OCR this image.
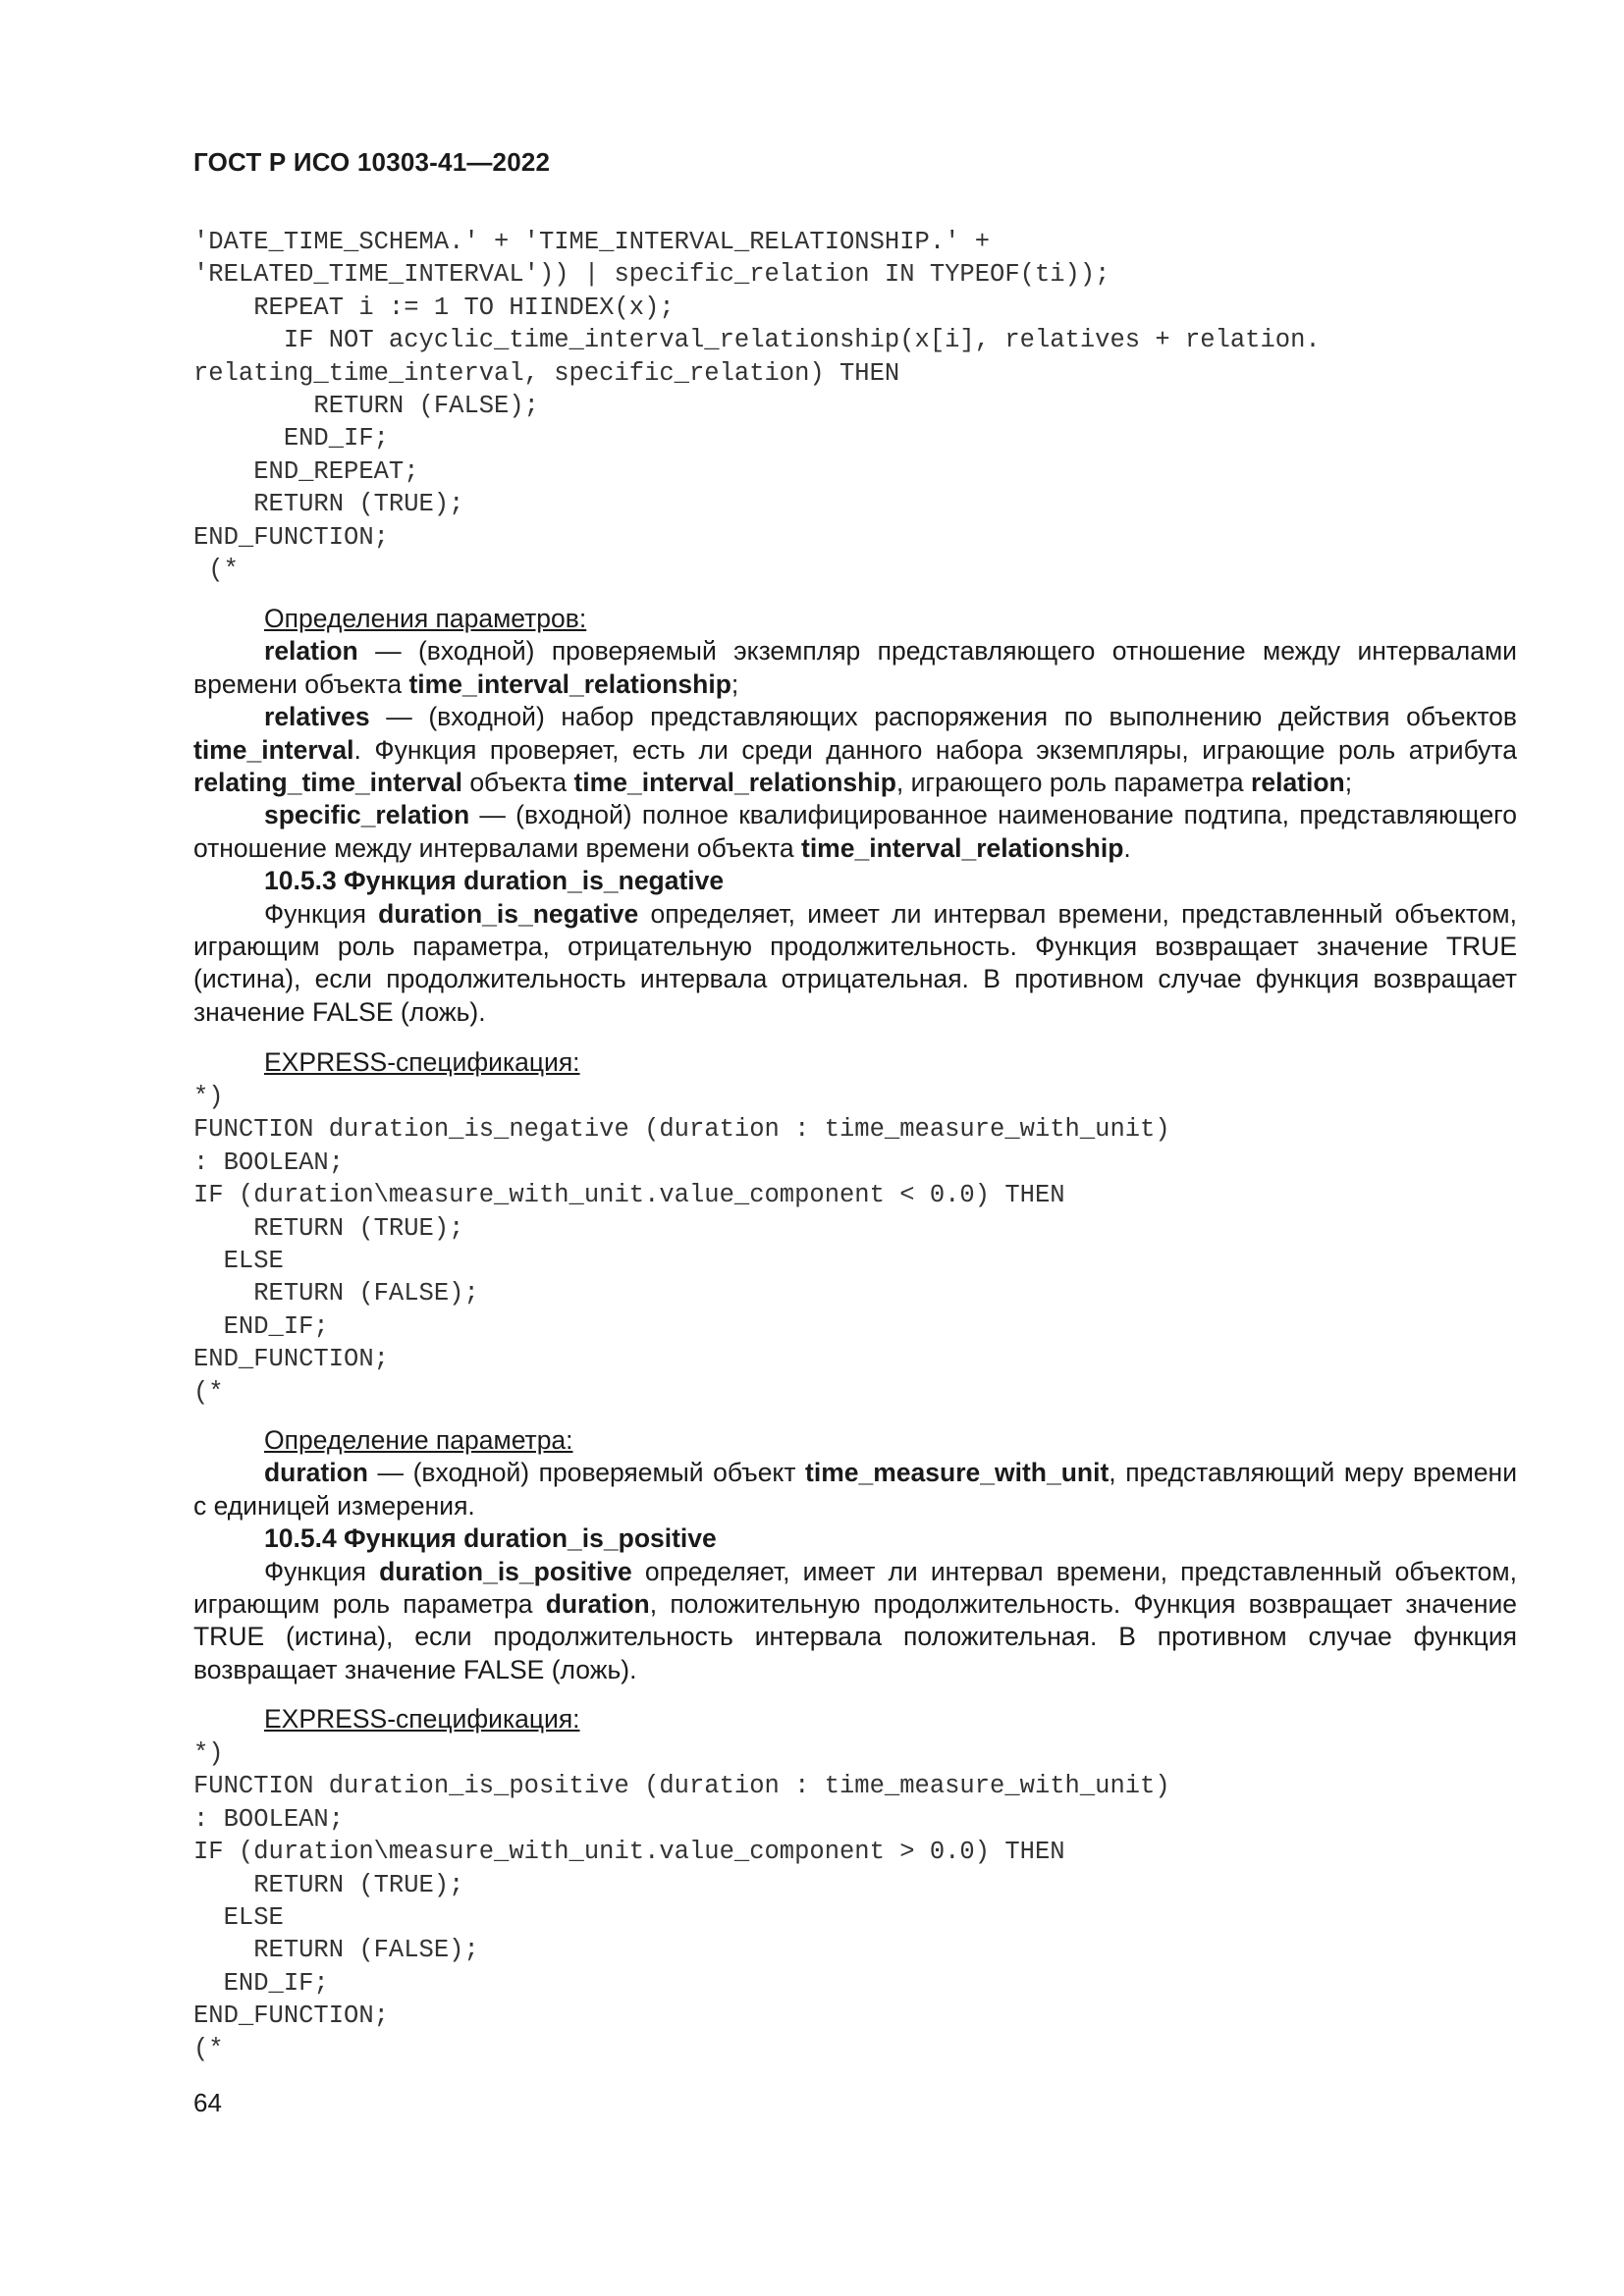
ГОСТ Р ИСО 10303-41—2022
'DATE_TIME_SCHEMA.' + 'TIME_INTERVAL_RELATIONSHIP.' +
'RELATED_TIME_INTERVAL')) | specific_relation IN TYPEOF(ti));
REPEAT i := 1 TO HIINDEX(x);
IF NOT acyclic_time_interval_relationship(x[i], relatives + relation.
relating_time_interval, specific_relation) THEN
RETURN (FALSE);
END_IF;
END_REPEAT;
RETURN (TRUE);
END_FUNCTION;
(*

Определения параметров:

relation — (входной) проверяемый экземпляр представляющего отношение между интервалами времени объекта time_interval_relationship;

relatives — (входной) набор представляющих распоряжения по выполнению действия объектов time_interval. Функция проверяет, есть ли среди данного набора экземпляры, играющие роль атрибута relating_time_interval объекта time_interval_relationship, играющего роль параметра relation;

specific_relation — (входной) полное квалифицированное наименование подтипа, представляющего отношение между интервалами времени объекта time_interval_relationship.

10.5.3 Функция duration_is_negative

Функция duration_is_negative определяет, имеет ли интервал времени, представленный объектом, играющим роль параметра, отрицательную продолжительность. Функция возвращает значение TRUE (истина), если продолжительность интервала отрицательная. В противном случае функция возвращает значение FALSE (ложь).

EXPRESS-спецификация:

*)
FUNCTION duration_is_negative (duration : time_measure_with_unit)
: BOOLEAN;
IF (duration\measure_with_unit.value_component < 0.0) THEN
RETURN (TRUE);
ELSE
RETURN (FALSE);
END_IF;
END_FUNCTION;
(*

Определение параметра:

duration — (входной) проверяемый объект time_measure_with_unit, представляющий меру времени с единицей измерения.

10.5.4 Функция duration_is_positive

Функция duration_is_positive определяет, имеет ли интервал времени, представленный объектом, играющим роль параметра duration, положительную продолжительность. Функция возвращает значение TRUE (истина), если продолжительность интервала положительная. В противном случае функция возвращает значение FALSE (ложь).

EXPRESS-спецификация:

*)
FUNCTION duration_is_positive (duration : time_measure_with_unit)
: BOOLEAN;
IF (duration\measure_with_unit.value_component > 0.0) THEN
RETURN (TRUE);
ELSE
RETURN (FALSE);
END_IF;
END_FUNCTION;
(*
64
